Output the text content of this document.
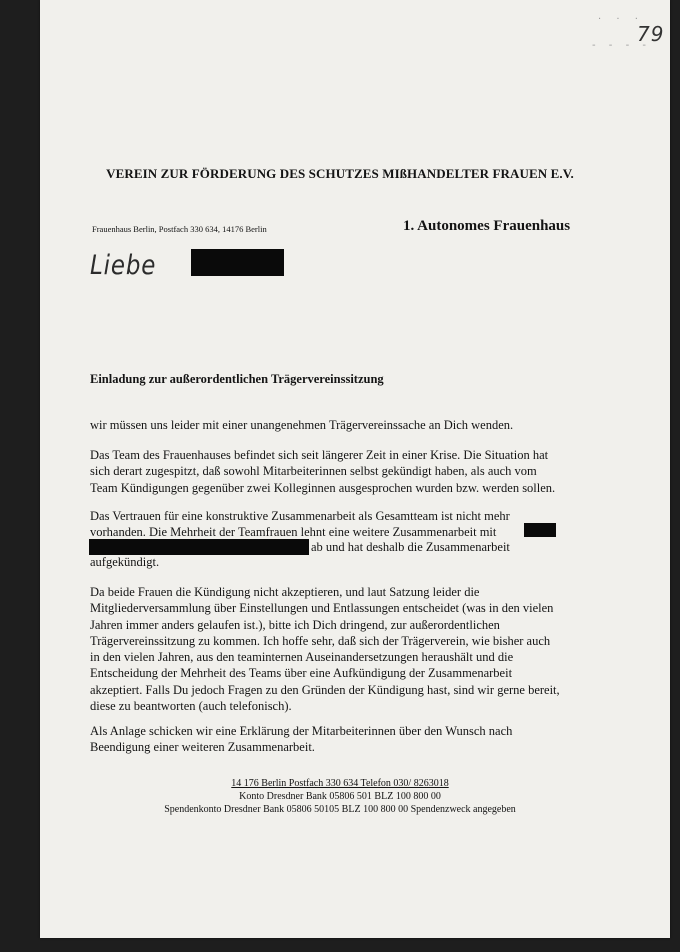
· · ·
- - - -
79
VEREIN ZUR FÖRDERUNG DES SCHUTZES MIßHANDELTER FRAUEN E.V.
Frauenhaus Berlin, Postfach 330 634, 14176 Berlin	1. Autonomes Frauenhaus
Liebe
Einladung zur außerordentlichen Trägervereinssitzung
wir müssen uns leider mit einer unangenehmen Trägervereinssache an Dich wenden.
Das Team des Frauenhauses befindet sich seit längerer Zeit in einer Krise. Die Situation hat
sich derart zugespitzt, daß sowohl Mitarbeiterinnen selbst gekündigt haben, als auch vom
Team Kündigungen gegenüber zwei Kolleginnen ausgesprochen wurden bzw. werden sollen.
Das Vertrauen für eine konstruktive Zusammenarbeit als Gesamtteam ist nicht mehr
vorhanden. Die Mehrheit der Teamfrauen lehnt eine weitere Zusammenarbeit mit
ab und hat deshalb die Zusammenarbeit
aufgekündigt.
Da beide Frauen die Kündigung nicht akzeptieren, und laut Satzung leider die
Mitgliederversammlung über Einstellungen und Entlassungen entscheidet (was in den vielen
Jahren immer anders gelaufen ist.), bitte ich Dich dringend, zur außerordentlichen
Trägervereinssitzung zu kommen. Ich hoffe sehr, daß sich der Trägerverein, wie bisher auch
in den vielen Jahren, aus den teaminternen Auseinandersetzungen heraushält und die
Entscheidung der Mehrheit des Teams über eine Aufkündigung der Zusammenarbeit
akzeptiert. Falls Du jedoch Fragen zu den Gründen der Kündigung hast, sind wir gerne bereit,
diese zu beantworten (auch telefonisch).
Als Anlage schicken wir eine Erklärung der Mitarbeiterinnen über den Wunsch nach
Beendigung einer weiteren Zusammenarbeit.
14 176 Berlin Postfach 330 634 Telefon 030/ 8263018
Konto Dresdner Bank 05806 501 BLZ 100 800 00
Spendenkonto Dresdner Bank 05806 50105 BLZ 100 800 00 Spendenzweck angegeben
